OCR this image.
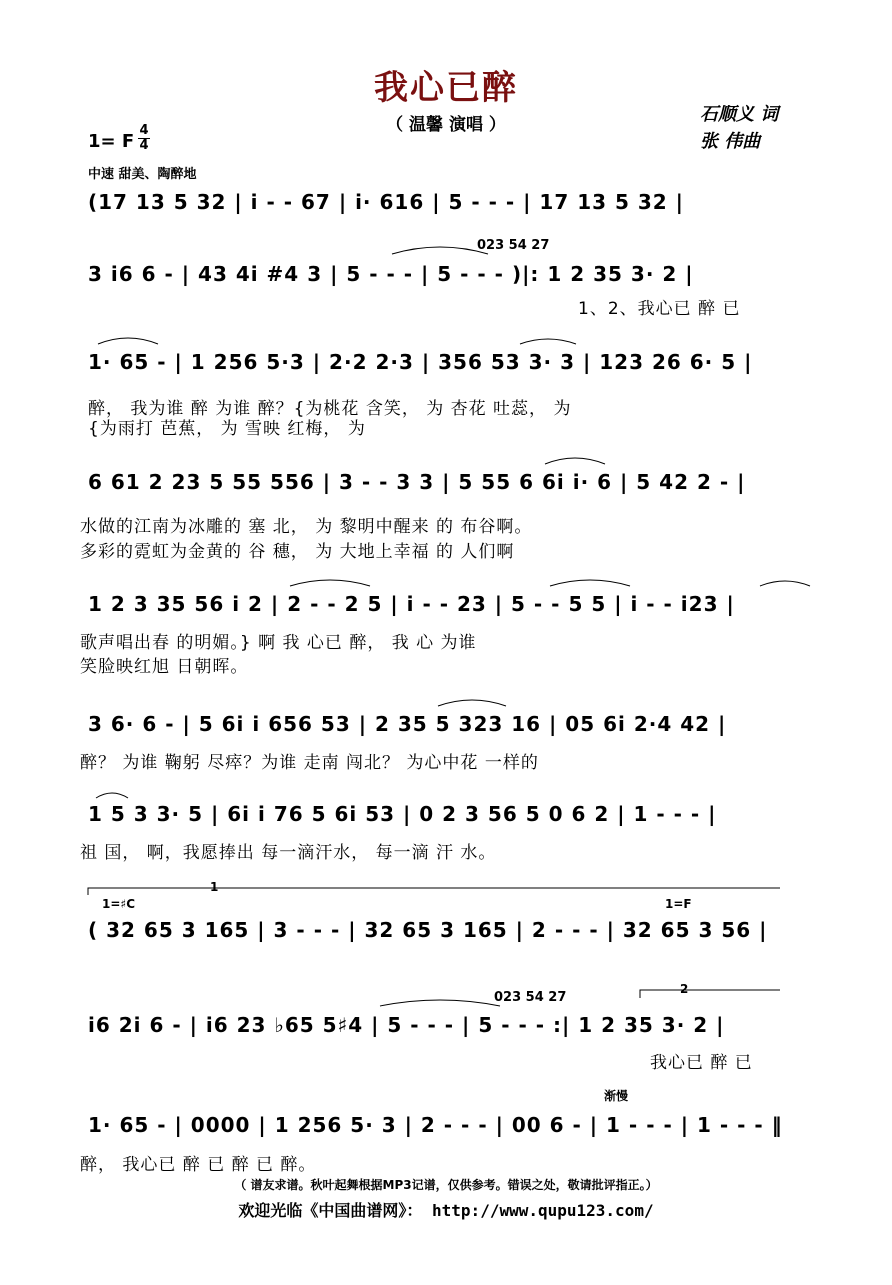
我心已醉
（ 温馨 演唱 ）	石顺义 词
张 伟曲
1= F
4
4
中速 甜美、陶醉地
(17 13 5 32 | i - - 67 | i· 616 | 5 - - - | 17 13 5 32 |
023 54 27
3 i6 6 - | 43 4i #4 3 | 5 - - - | 5 - - - )|: 1 2 35 3· 2 |
1、2、我心已 醉 已
1· 65 - | 1 256 5·3 | 2·2 2·3 | 356 53 3· 3 | 123 26 6· 5 |
醉， 我为谁 醉 为谁 醉？{为桃花 含笑， 为 杏花 吐蕊， 为
{为雨打 芭蕉， 为 雪映 红梅， 为
6 61 2 23 5 55 556 | 3 - - 3 3 | 5 55 6 6i i· 6 | 5 42 2 - |
水做的江南为冰雕的 塞 北， 为 黎明中醒来 的 布谷啊。
多彩的霓虹为金黄的 谷 穗， 为 大地上幸福 的 人们啊
1 2 3 35 56 i 2 | 2 - - 2 5 | i - - 23 | 5 - - 5 5 | i - - i23 |
歌声唱出春 的明媚。} 啊 我 心已 醉， 我 心 为谁
笑脸映红旭 日朝晖。
3 6· 6 - | 5 6i i 656 53 | 2 35 5 323 16 | 05 6i 2·4 42 |
醉？ 为谁 鞠躬 尽瘁？为谁 走南 闯北？ 为心中花 一样的
1 5 3 3· 5 | 6i i 76 5 6i 53 | 0 2 3 56 5 0 6 2 | 1 - - - |
祖 国， 啊，我愿捧出 每一滴汗水， 每一滴 汗 水。
1
1=♯C	1=F
( 32 65 3 165 | 3 - - - | 32 65 3 165 | 2 - - - | 32 65 3 56 |
2
023 54 27
i6 2i 6 - | i6 23 ♭65 5♯4 | 5 - - - | 5 - - - :| 1 2 35 3· 2 |
我心已 醉 已
渐慢
1· 65 - | 0000 | 1 256 5· 3 | 2 - - - | 00 6 - | 1 - - - | 1 - - - ‖
醉， 我心已 醉 已 醉 已 醉。
（ 谱友求谱。秋叶起舞根据MP3记谱，仅供参考。错误之处，敬请批评指正。）
欢迎光临《中国曲谱网》： http://www.qupu123.com/
